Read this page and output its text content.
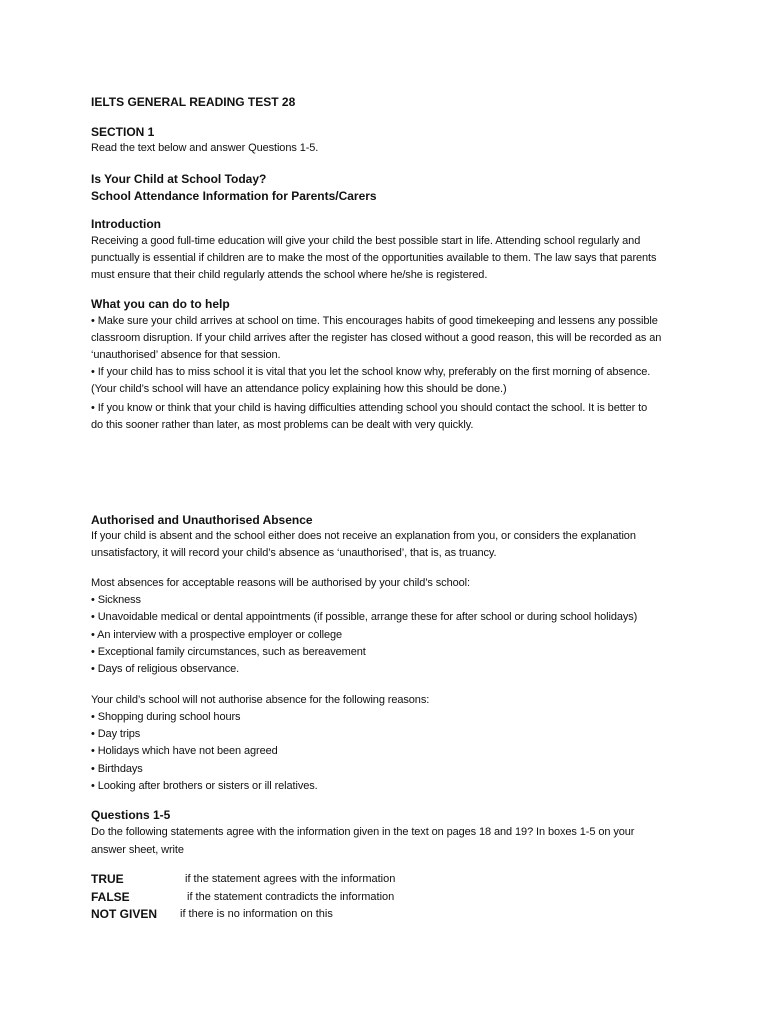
IELTS GENERAL READING TEST 28
SECTION 1
Read the text below and answer Questions 1-5.
Is Your Child at School Today?
School Attendance Information for Parents/Carers
Introduction
Receiving a good full-time education will give your child the best possible start in life. Attending school regularly and
punctually is essential if children are to make the most of the opportunities available to them. The law says that parents
must ensure that their child regularly attends the school where he/she is registered.
What you can do to help
• Make sure your child arrives at school on time. This encourages habits of good timekeeping and lessens any possible
classroom disruption. If your child arrives after the register has closed without a good reason, this will be recorded as an
‘unauthorised’ absence for that session.
• If your child has to miss school it is vital that you let the school know why, preferably on the first morning of absence.
(Your child’s school will have an attendance policy explaining how this should be done.)
• If you know or think that your child is having difficulties attending school you should contact the school. It is better to
do this sooner rather than later, as most problems can be dealt with very quickly.
Authorised and Unauthorised Absence
If your child is absent and the school either does not receive an explanation from you, or considers the explanation
unsatisfactory, it will record your child’s absence as ‘unauthorised’, that is, as truancy.
Most absences for acceptable reasons will be authorised by your child’s school:
• Sickness
• Unavoidable medical or dental appointments (if possible, arrange these for after school or during school holidays)
• An interview with a prospective employer or college
• Exceptional family circumstances, such as bereavement
• Days of religious observance.
Your child’s school will not authorise absence for the following reasons:
• Shopping during school hours
• Day trips
• Holidays which have not been agreed
• Birthdays
• Looking after brothers or sisters or ill relatives.
Questions 1-5
Do the following statements agree with the information given in the text on pages 18 and 19? In boxes 1-5 on your
answer sheet, write
TRUE	if the statement agrees with the information
FALSE	if the statement contradicts the information
NOT GIVEN if there is no information on this
